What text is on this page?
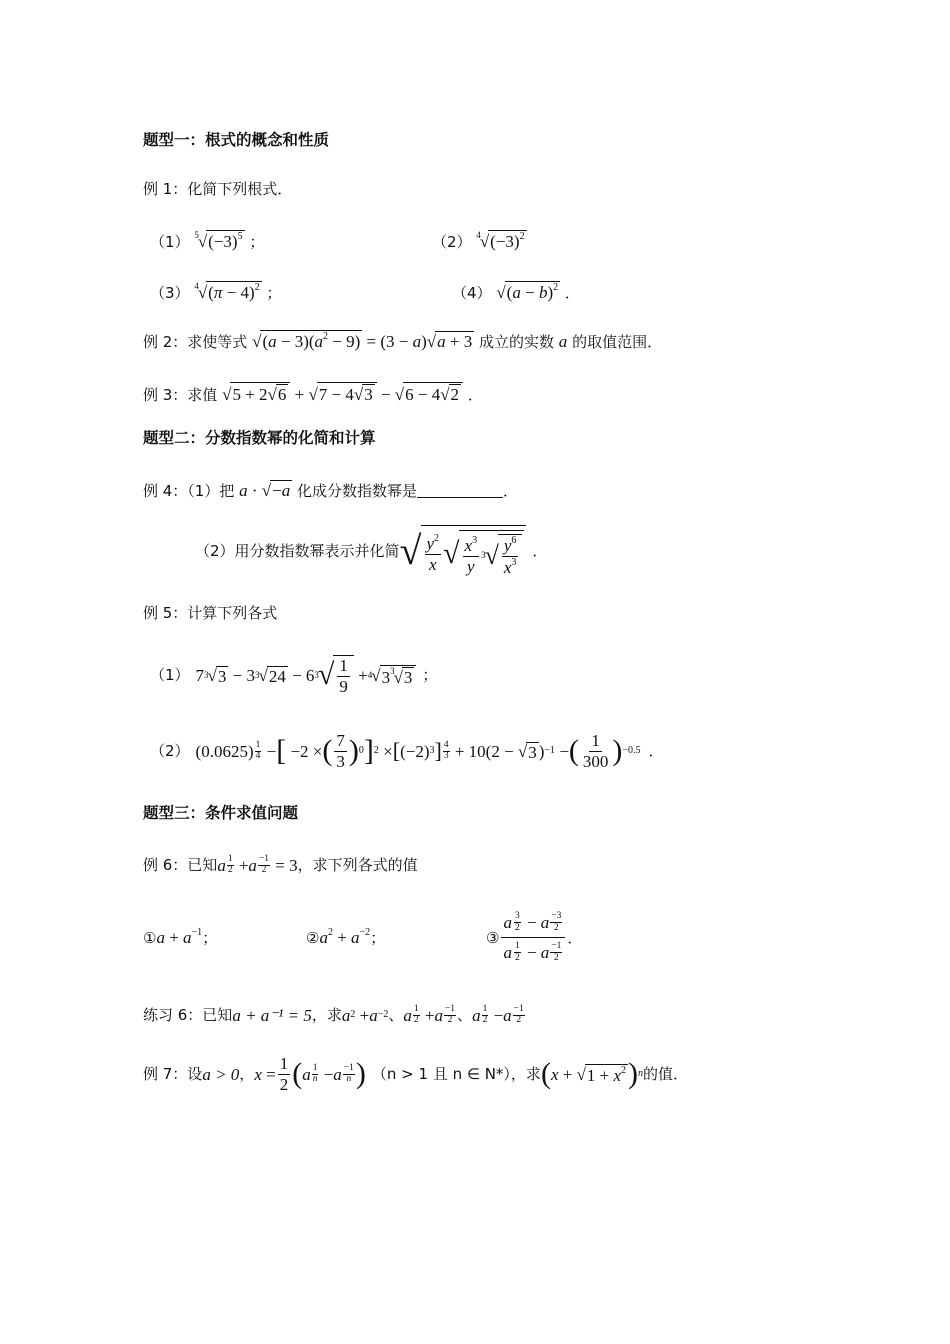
题型一：根式的概念和性质
例 1：化简下列根式．
（1） $^5√(-3)^5$ ；	（2） $^4√(-3)^2$
（3） $^4√(\pi - 4)^2$ ；	（4） $√(a - b)^2$ ．
例 2：求使等式 $√(a - 3)(a^2 - 9) = (3 - a)√a + 3$ 成立的实数 a 的取值范围．
例 3：求值 √5 + 2√6 + √7 − 4√3 − √6 − 4√2 ．
题型二：分数指数幂的化简和计算
例 4：（1）把 a · √−a 化成分数指数幂是	．
（2）用分数指数幂表示并化简 √ $\frac{y^2}{x}$ √ $\frac{x^3}{y} 3$ √ $\frac{y^6}{x^3}$ ．
例 5：计算下列各式
（1） 7 3 √ 3 − 3 3 √ 24 − 6 3 √ $\frac{1}{9} + 4$ √ $3^3√3$ ；
（2） $(0.0625) \frac{1}{4}$ − [ −2 × ( $\frac{7}{3}$ ) 0 ] 2 × [ (−2) 3 ] $\frac{4}{3} + 10(2$ − √ 3 ) −1 − ( $\frac{1}{300}$ ) −0.5 ．
题型三：条件求值问题
例 6：已知 a $\frac{1}{2} + a \frac{-1}{2}$
= 3 ，求下列各式的值
①a + $a^{-1}$；	$②a^2 + a^{-2}$；	③ $\frac{a \frac{3}{2} - a \frac{-3}{2}}{a \frac{1}{2} - a \frac{-1}{2}}$ ．
练习 6：已知 a + a⁻¹ = 5 ，求 a 2 + a −2 、 a $\frac{1}{2} + a \frac{-1}{2}$ 、 a $\frac{1}{2} - a \frac{-1}{2}$
例 7：设 a > 0 ， $x = \frac{1}{2}$ ( a $\frac{1}{n} - a \frac{-1}{n}$ ) （n > 1 且 n ∈ N*），求 ( x + √ $1 + x^2$ ) n 的值．
